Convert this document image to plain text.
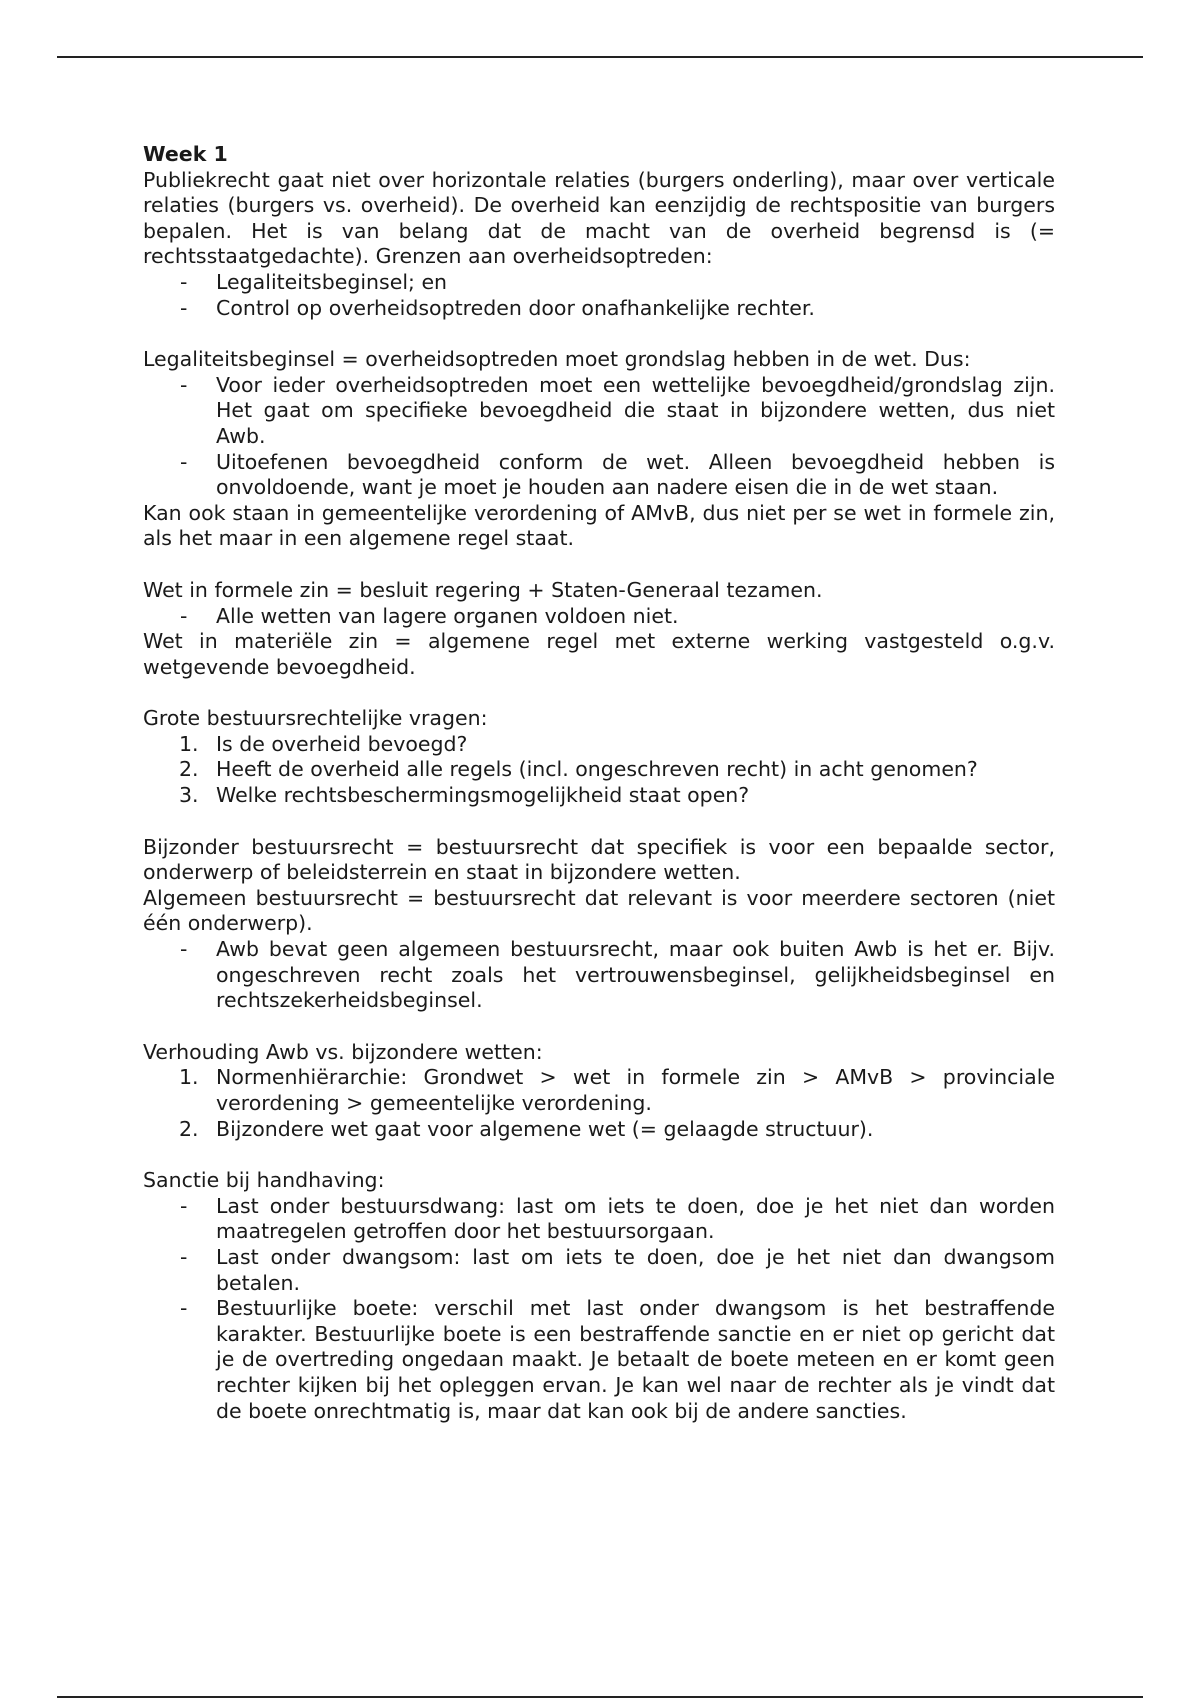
Week 1

Publiekrecht gaat niet over horizontale relaties (burgers onderling), maar over verticale relaties (burgers vs. overheid). De overheid kan eenzijdig de rechtspositie van burgers bepalen. Het is van belang dat de macht van de overheid begrensd is (= rechtsstaatgedachte). Grenzen aan overheidsoptreden:

- Legaliteitsbeginsel; en
- Control op overheidsoptreden door onafhankelijke rechter.

Legaliteitsbeginsel = overheidsoptreden moet grondslag hebben in de wet. Dus:

- Voor ieder overheidsoptreden moet een wettelijke bevoegdheid/grondslag zijn. Het gaat om specifieke bevoegdheid die staat in bijzondere wetten, dus niet Awb.
- Uitoefenen bevoegdheid conform de wet. Alleen bevoegdheid hebben is onvoldoende, want je moet je houden aan nadere eisen die in de wet staan.

Kan ook staan in gemeentelijke verordening of AMvB, dus niet per se wet in formele zin, als het maar in een algemene regel staat.

Wet in formele zin = besluit regering + Staten-Generaal tezamen.

- Alle wetten van lagere organen voldoen niet.

Wet in materiële zin = algemene regel met externe werking vastgesteld o.g.v. wetgevende bevoegdheid.

Grote bestuursrechtelijke vragen:

1. Is de overheid bevoegd?
2. Heeft de overheid alle regels (incl. ongeschreven recht) in acht genomen?
3. Welke rechtsbeschermingsmogelijkheid staat open?

Bijzonder bestuursrecht = bestuursrecht dat specifiek is voor een bepaalde sector, onderwerp of beleidsterrein en staat in bijzondere wetten.

Algemeen bestuursrecht = bestuursrecht dat relevant is voor meerdere sectoren (niet één onderwerp).

- Awb bevat geen algemeen bestuursrecht, maar ook buiten Awb is het er. Bijv. ongeschreven recht zoals het vertrouwensbeginsel, gelijkheidsbeginsel en rechtszekerheidsbeginsel.

Verhouding Awb vs. bijzondere wetten:

1. Normenhiërarchie: Grondwet > wet in formele zin > AMvB > provinciale verordening > gemeentelijke verordening.
2. Bijzondere wet gaat voor algemene wet (= gelaagde structuur).

Sanctie bij handhaving:

- Last onder bestuursdwang: last om iets te doen, doe je het niet dan worden maatregelen getroffen door het bestuursorgaan.
- Last onder dwangsom: last om iets te doen, doe je het niet dan dwangsom betalen.
- Bestuurlijke boete: verschil met last onder dwangsom is het bestraffende karakter. Bestuurlijke boete is een bestraffende sanctie en er niet op gericht dat je de overtreding ongedaan maakt. Je betaalt de boete meteen en er komt geen rechter kijken bij het opleggen ervan. Je kan wel naar de rechter als je vindt dat de boete onrechtmatig is, maar dat kan ook bij de andere sancties.
